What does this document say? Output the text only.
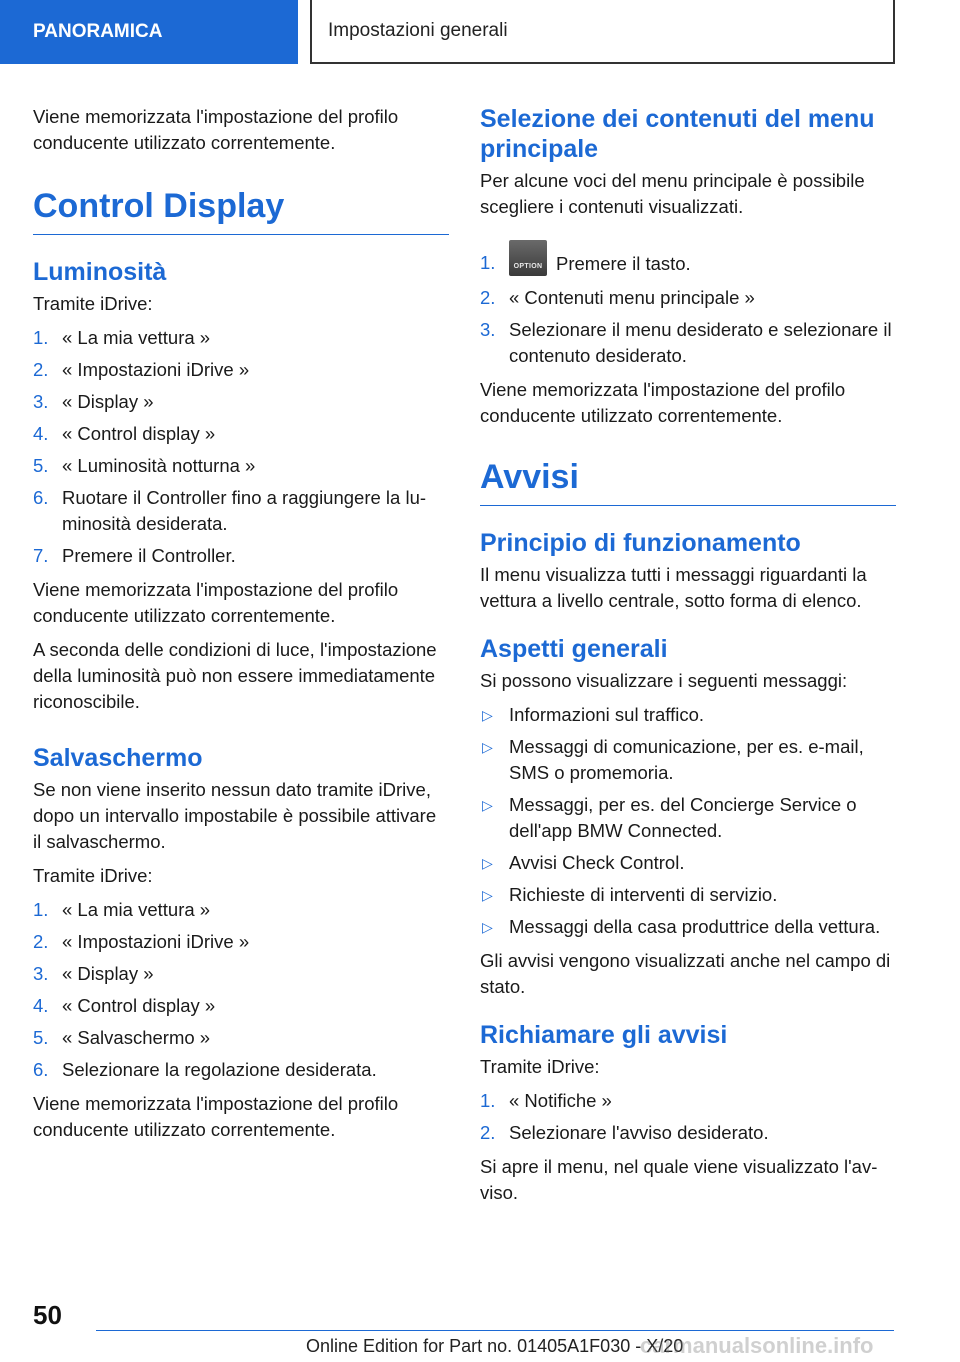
PANORAMICA	Impostazioni generali

Viene memorizzata l'impostazione del profilo conducente utilizzato correntemente.

Control Display
Luminosità

Tramite iDrive:

1. « La mia vettura »
2. « Impostazioni iDrive »
3. « Display »
4. « Control display »
5. « Luminosità notturna »
6. Ruotare il Controller fino a raggiungere la lu-minosità desiderata.
7. Premere il Controller.

Viene memorizzata l'impostazione del profilo conducente utilizzato correntemente.

A seconda delle condizioni di luce, l'impostazione della luminosità può non essere immediatamente riconoscibile.

Salvaschermo

Se non viene inserito nessun dato tramite iDrive, dopo un intervallo impostabile è possibile attivare il salvaschermo.

Tramite iDrive:

1. « La mia vettura »
2. « Impostazioni iDrive »
3. « Display »
4. « Control display »
5. « Salvaschermo »
6. Selezionare la regolazione desiderata.

Viene memorizzata l'impostazione del profilo conducente utilizzato correntemente.

Selezione dei contenuti del menu principale

Per alcune voci del menu principale è possibile scegliere i contenuti visualizzati.

1.	OPTION Premere il tasto.
2. « Contenuti menu principale »
3. Selezionare il menu desiderato e selezionare il contenuto desiderato.

Viene memorizzata l'impostazione del profilo conducente utilizzato correntemente.

Avvisi
Principio di funzionamento

Il menu visualizza tutti i messaggi riguardanti la vettura a livello centrale, sotto forma di elenco.

Aspetti generali

Si possono visualizzare i seguenti messaggi:

▷ Informazioni sul traffico.
▷ Messaggi di comunicazione, per es. e-mail, SMS o promemoria.
▷ Messaggi, per es. del Concierge Service o dell'app BMW Connected.
▷ Avvisi Check Control.
▷ Richieste di interventi di servizio.
▷ Messaggi della casa produttrice della vettura.

Gli avvisi vengono visualizzati anche nel campo di stato.

Richiamare gli avvisi

Tramite iDrive:

1. « Notifiche »
2. Selezionare l'avviso desiderato.

Si apre il menu, nel quale viene visualizzato l'av-viso.

50
Online Edition for Part no. 01405A1F030 - X/20
carmanualsonline.info
